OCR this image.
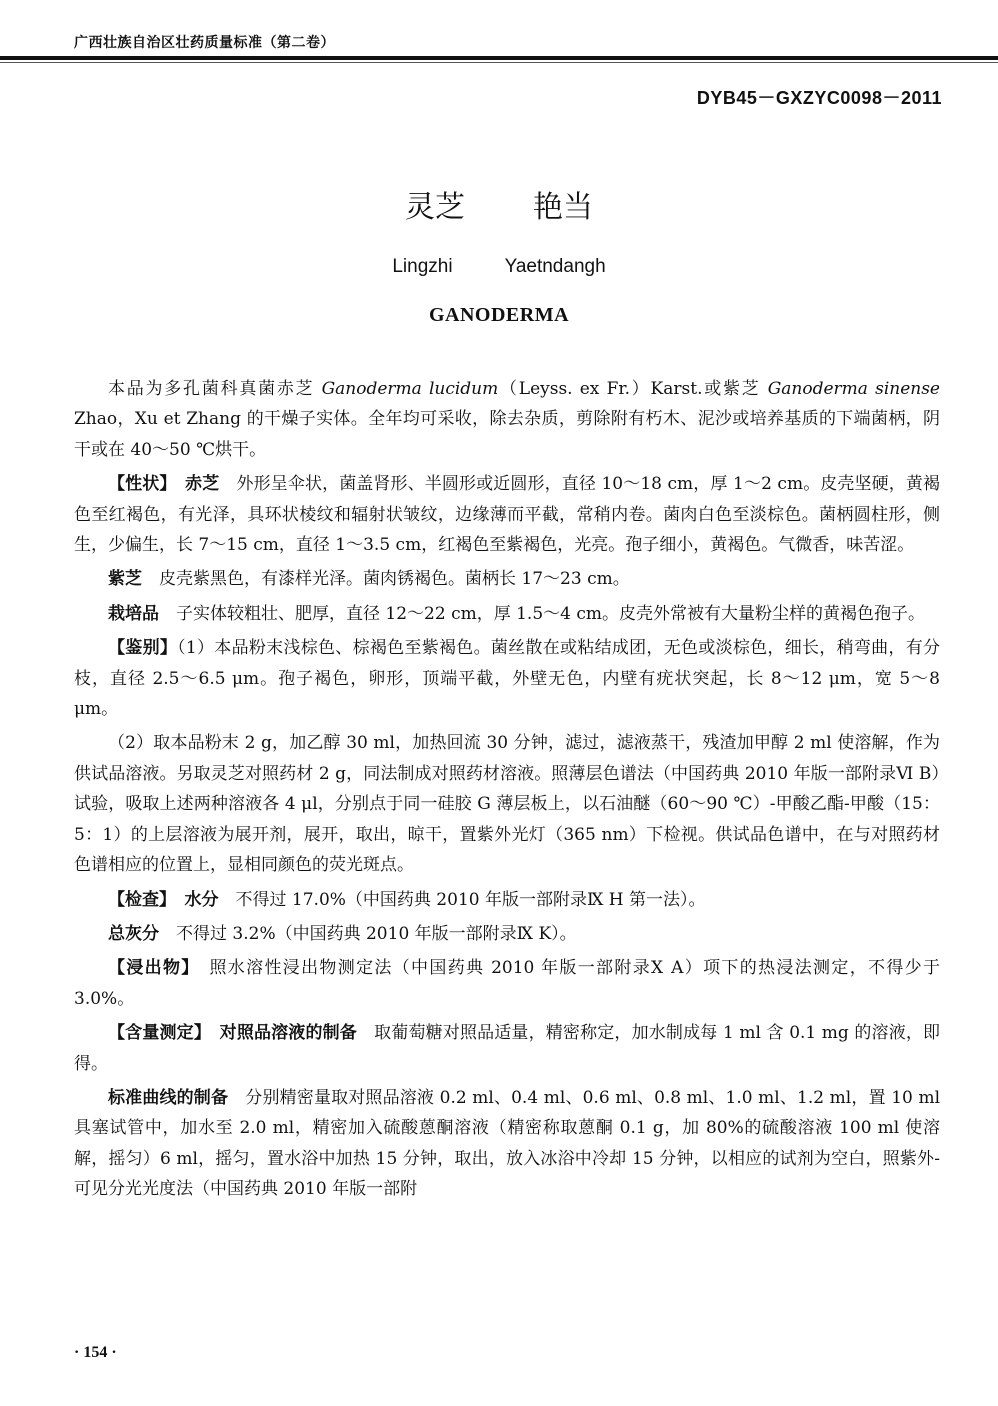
广西壮族自治区壮药质量标准（第二卷）
DYB45－GXZYC0098－2011
灵芝 艳当
Lingzhi	Yaetndangh
GANODERMA

本品为多孔菌科真菌赤芝 Ganoderma lucidum（Leyss. ex Fr.）Karst.或紫芝 Ganoderma sinense Zhao，Xu et Zhang 的干燥子实体。全年均可采收，除去杂质，剪除附有朽木、泥沙或培养基质的下端菌柄，阴干或在 40～50 ℃烘干。

【性状】　 赤芝　外形呈伞状，菌盖肾形、半圆形或近圆形，直径 10～18 cm，厚 1～2 cm。皮壳坚硬，黄褐色至红褐色，有光泽，具环状棱纹和辐射状皱纹，边缘薄而平截，常稍内卷。菌肉白色至淡棕色。菌柄圆柱形，侧生，少偏生，长 7～15 cm，直径 1～3.5 cm，红褐色至紫褐色，光亮。孢子细小，黄褐色。气微香，味苦涩。

紫芝　皮壳紫黑色，有漆样光泽。菌肉锈褐色。菌柄长 17～23 cm。

栽培品　子实体较粗壮、肥厚，直径 12～22 cm，厚 1.5～4 cm。皮壳外常被有大量粉尘样的黄褐色孢子。

【鉴别】（1）本品粉末浅棕色、棕褐色至紫褐色。菌丝散在或粘结成团，无色或淡棕色，细长，稍弯曲，有分枝，直径 2.5～6.5 μm。孢子褐色，卵形，顶端平截，外壁无色，内壁有疣状突起，长 8～12 μm，宽 5～8 μm。

（2）取本品粉末 2 g，加乙醇 30 ml，加热回流 30 分钟，滤过，滤液蒸干，残渣加甲醇 2 ml 使溶解，作为供试品溶液。另取灵芝对照药材 2 g，同法制成对照药材溶液。照薄层色谱法（中国药典 2010 年版一部附录Ⅵ B）试验，吸取上述两种溶液各 4 μl，分别点于同一硅胶 G 薄层板上，以石油醚（60～90 ℃）-甲酸乙酯-甲酸（15：5：1）的上层溶液为展开剂，展开，取出，晾干，置紫外光灯（365 nm）下检视。供试品色谱中，在与对照药材色谱相应的位置上，显相同颜色的荧光斑点。

【检查】　 水分　不得过 17.0%（中国药典 2010 年版一部附录Ⅸ H 第一法）。

总灰分　不得过 3.2%（中国药典 2010 年版一部附录Ⅸ K）。

【浸出物】　照水溶性浸出物测定法（中国药典 2010 年版一部附录Ⅹ A）项下的热浸法测定，不得少于 3.0%。

【含量测定】　 对照品溶液的制备　取葡萄糖对照品适量，精密称定，加水制成每 1 ml 含 0.1 mg 的溶液，即得。

标准曲线的制备　分别精密量取对照品溶液 0.2 ml、0.4 ml、0.6 ml、0.8 ml、1.0 ml、1.2 ml，置 10 ml 具塞试管中，加水至 2.0 ml，精密加入硫酸蒽酮溶液（精密称取蒽酮 0.1 g，加 80%的硫酸溶液 100 ml 使溶解，摇匀）6 ml，摇匀，置水浴中加热 15 分钟，取出，放入冰浴中冷却 15 分钟，以相应的试剂为空白，照紫外-可见分光光度法（中国药典 2010 年版一部附

· 154 ·
